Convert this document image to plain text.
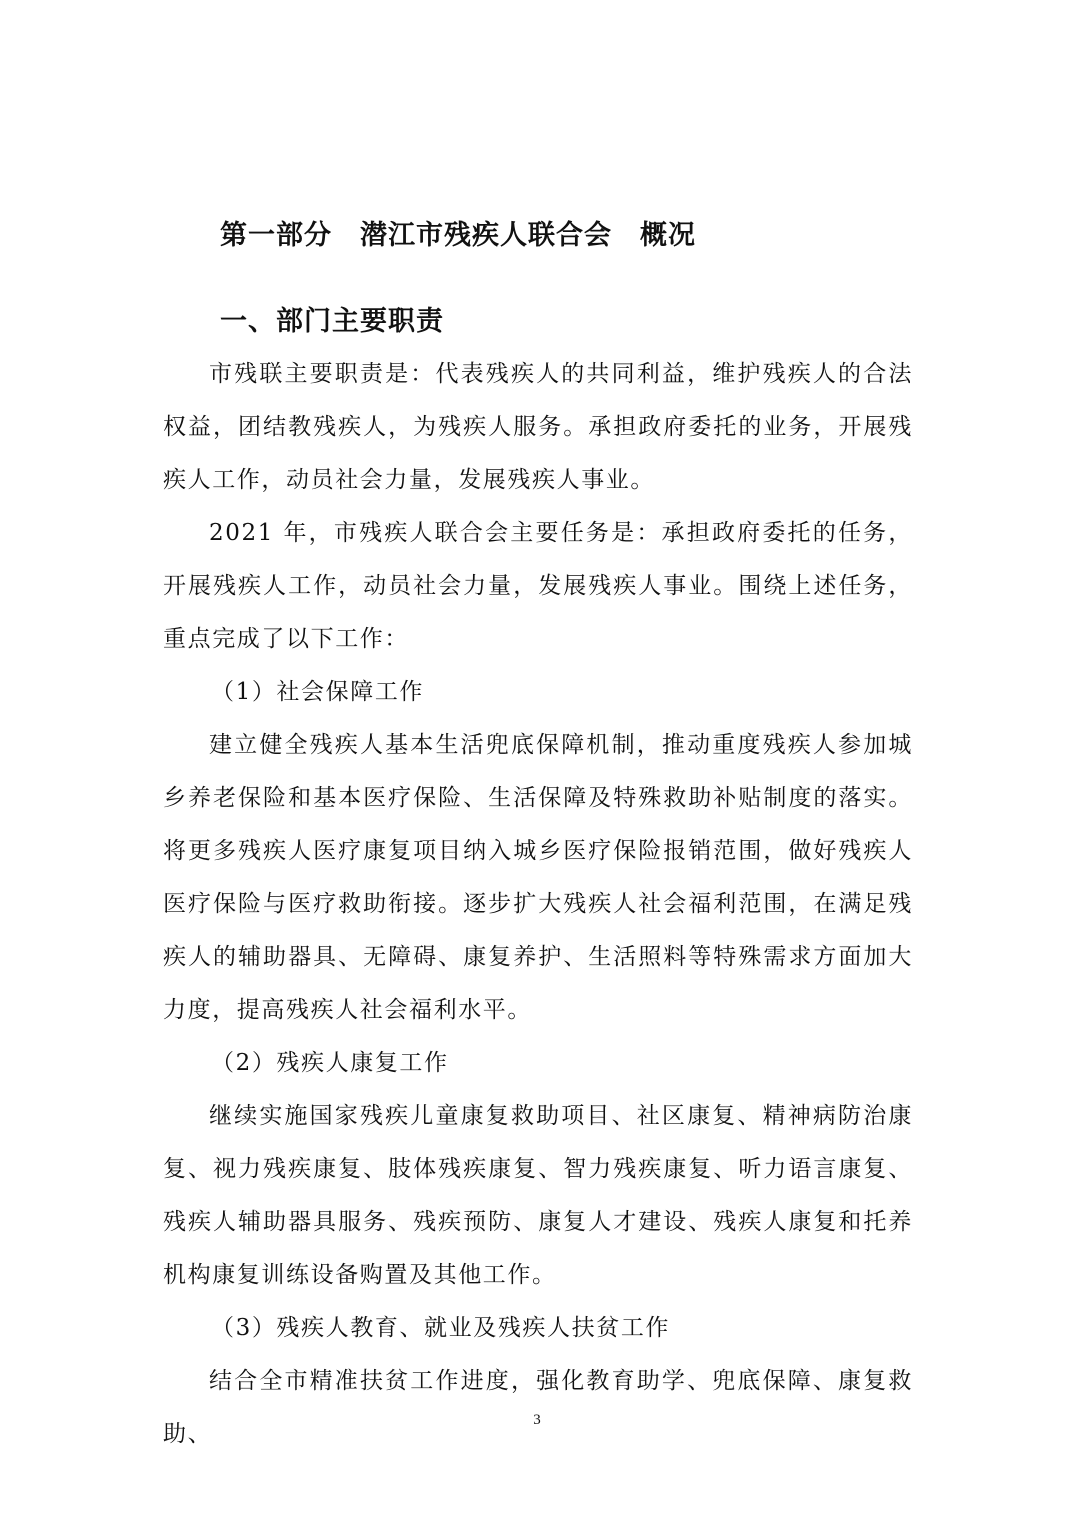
第一部分　潜江市残疾人联合会　概况
一、部门主要职责

市残联主要职责是：代表残疾人的共同利益，维护残疾人的合法权益，团结教残疾人，为残疾人服务。承担政府委托的业务，开展残疾人工作，动员社会力量，发展残疾人事业。

2021 年，市残疾人联合会主要任务是：承担政府委托的任务，开展残疾人工作，动员社会力量，发展残疾人事业。围绕上述任务，重点完成了以下工作：

（1）社会保障工作

建立健全残疾人基本生活兜底保障机制，推动重度残疾人参加城乡养老保险和基本医疗保险、生活保障及特殊救助补贴制度的落实。将更多残疾人医疗康复项目纳入城乡医疗保险报销范围，做好残疾人医疗保险与医疗救助衔接。逐步扩大残疾人社会福利范围，在满足残疾人的辅助器具、无障碍、康复养护、生活照料等特殊需求方面加大力度，提高残疾人社会福利水平。

（2）残疾人康复工作

继续实施国家残疾儿童康复救助项目、社区康复、精神病防治康复、视力残疾康复、肢体残疾康复、智力残疾康复、听力语言康复、残疾人辅助器具服务、残疾预防、康复人才建设、残疾人康复和托养机构康复训练设备购置及其他工作。

（3）残疾人教育、就业及残疾人扶贫工作

结合全市精准扶贫工作进度，强化教育助学、兜底保障、康复救助、

3
